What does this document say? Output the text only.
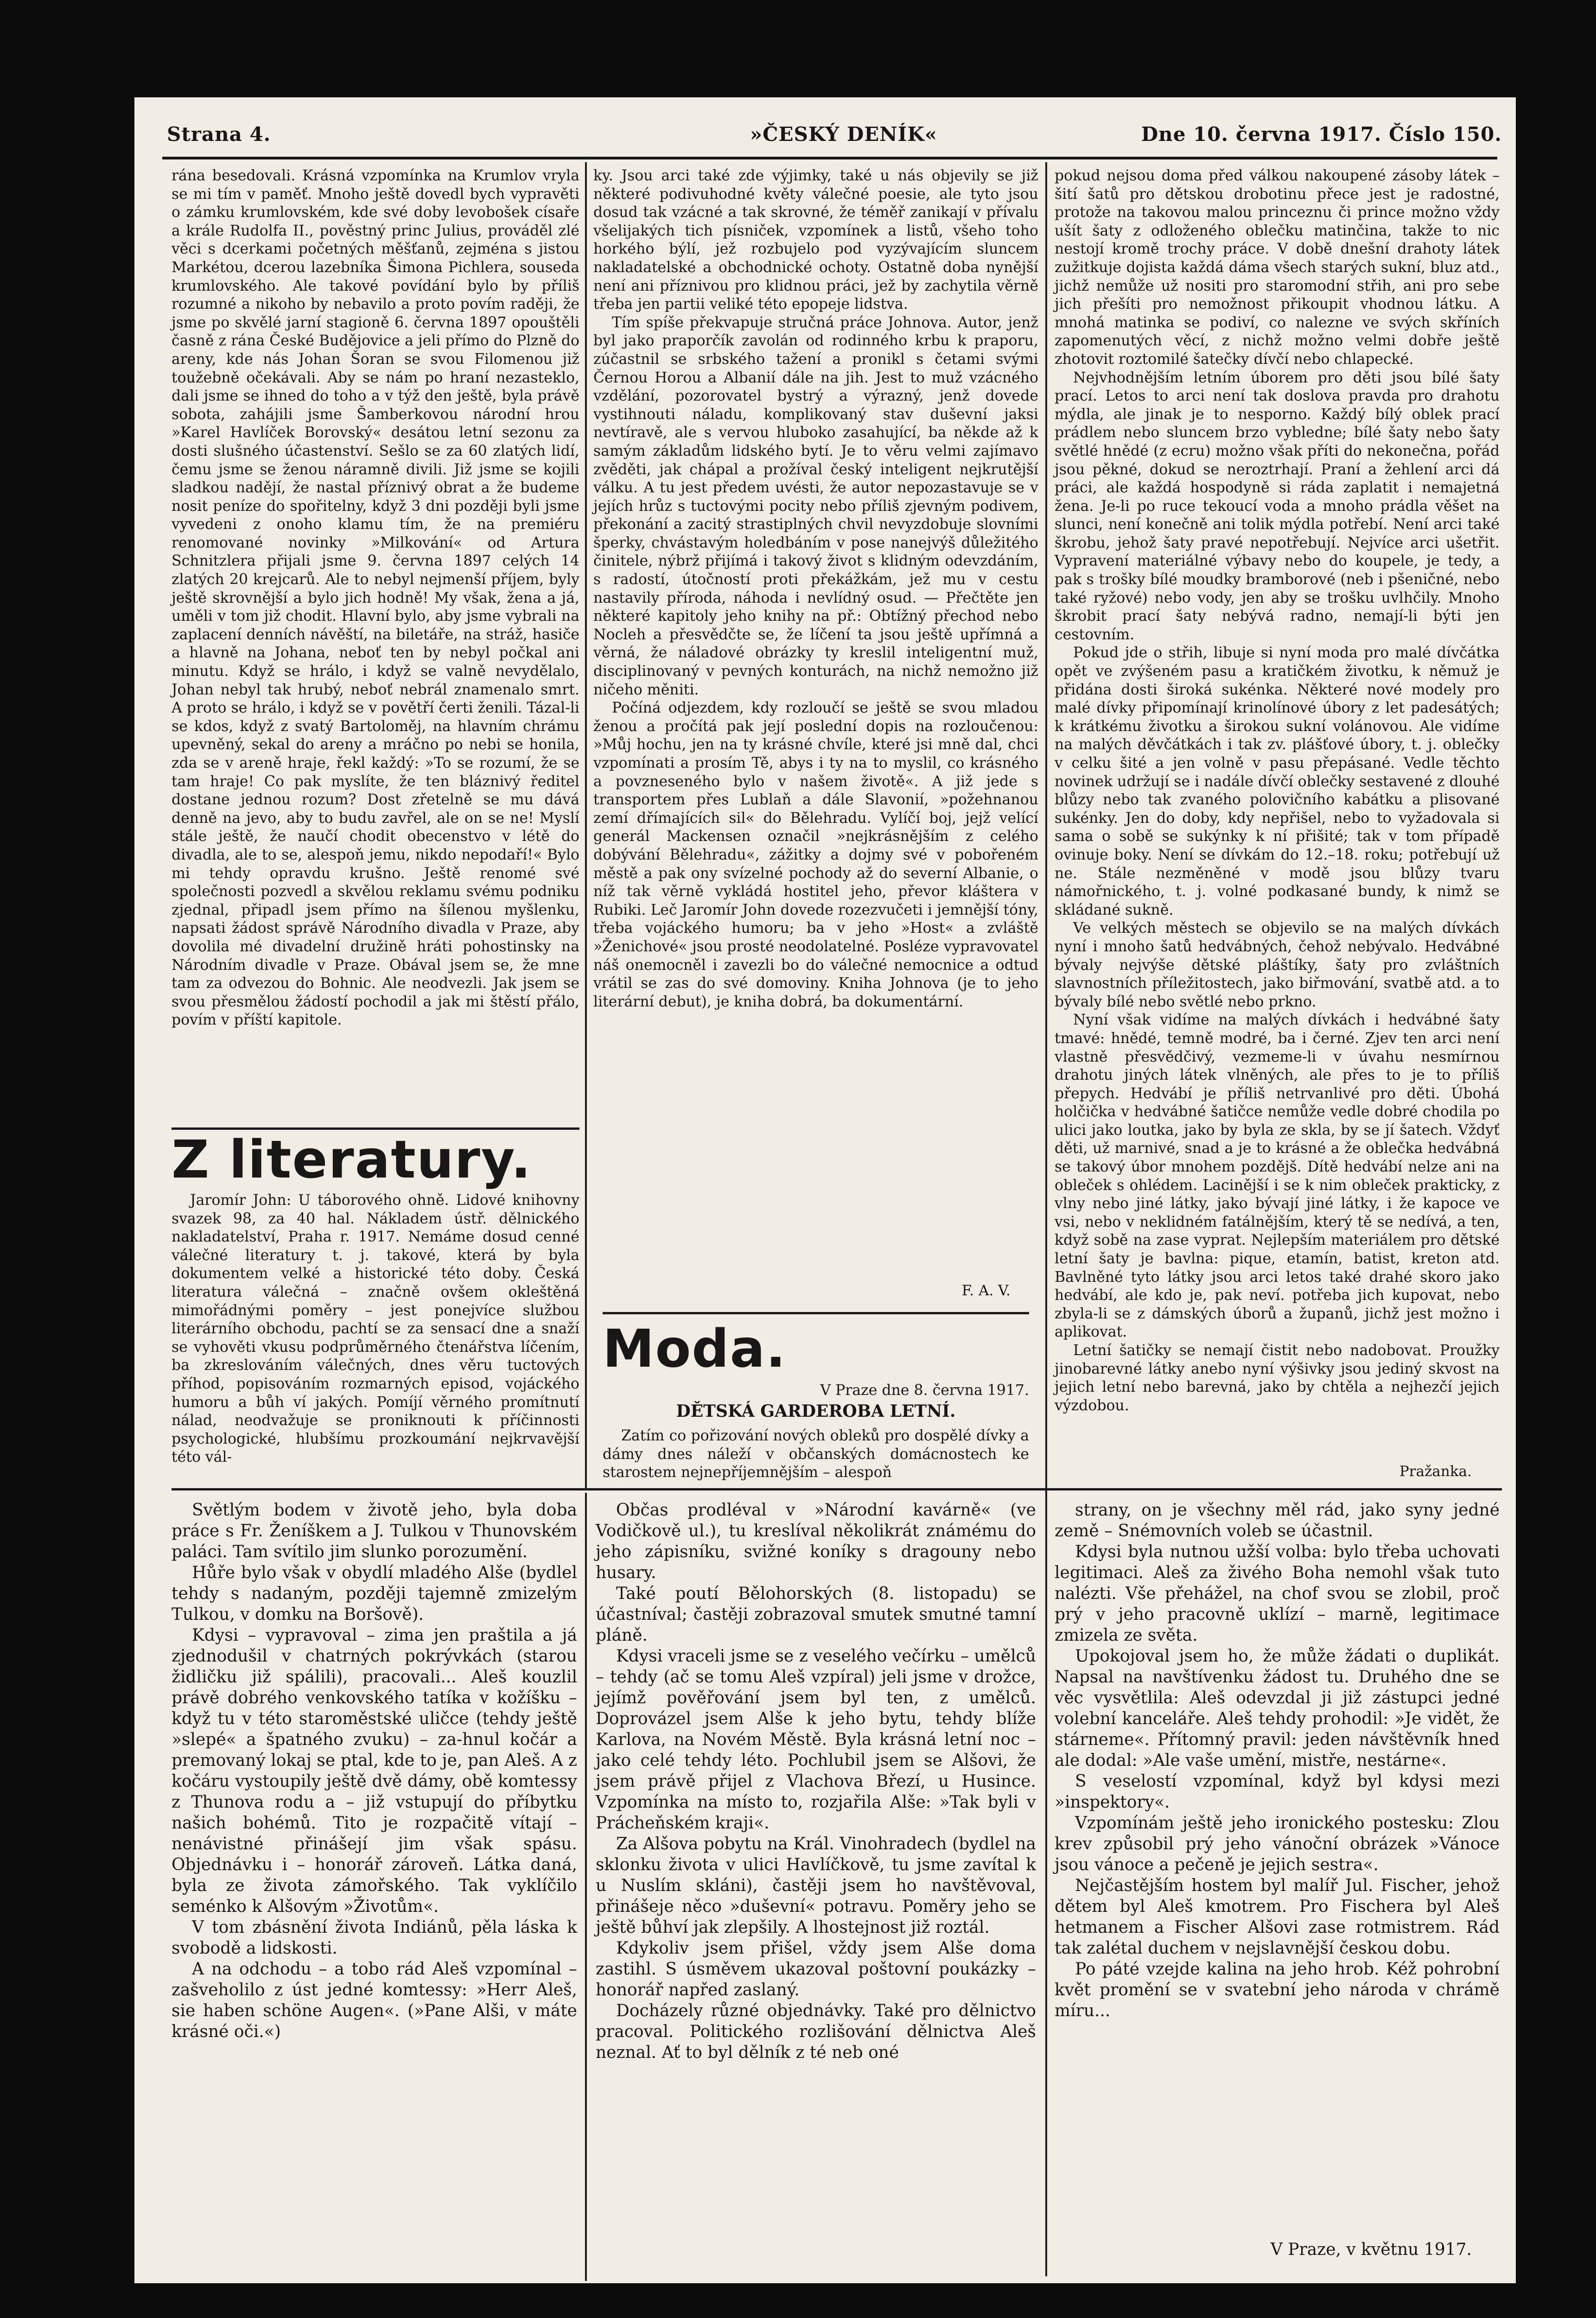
Strana 4.	»ČESKÝ DENÍK«	Dne 10. června 1917. Číslo 150.

rána besedovali. Krásná vzpomínka na Krumlov vryla se mi tím v paměť. Mnoho ještě dovedl bych vypravěti o zámku krumlovském, kde své doby levobošek císaře a krále Rudolfa II., pověstný princ Julius, prováděl zlé věci s dcerkami početných měšťanů, zejména s jistou Markétou, dcerou lazebníka Šimona Pichlera, souseda krumlovského. Ale takové povídání bylo by příliš rozumné a nikoho by nebavilo a proto povím raději, že jsme po skvělé jarní stagioně 6. června 1897 opouštěli časně z rána České Budějovice a jeli přímo do Plzně do areny, kde nás Johan Šoran se svou Filomenou již toužebně očekávali. Aby se nám po hraní nezasteklo, dali jsme se ihned do toho a v týž den ještě, byla právě sobota, zahájili jsme Šamberkovou národní hrou »Karel Havlíček Borovský« desátou letní sezonu za dosti slušného účastenství. Sešlo se za 60 zlatých lidí, čemu jsme se ženou náramně divili. Již jsme se kojili sladkou nadějí, že nastal příznivý obrat a že budeme nosit peníze do spořitelny, když 3 dni později byli jsme vyvedeni z onoho klamu tím, že na premiéru renomované novinky »Milkování« od Artura Schnitzlera přijali jsme 9. června 1897 celých 14 zlatých 20 krejcarů. Ale to nebyl nejmenší příjem, byly ještě skrovnější a bylo jich hodně! My však, žena a já, uměli v tom již chodit. Hlavní bylo, aby jsme vybrali na zaplacení denních návěští, na biletáře, na stráž, hasiče a hlavně na Johana, neboť ten by nebyl počkal ani minutu. Když se hrálo, i když se valně nevydělalo, Johan nebyl tak hrubý, neboť nebrál znamenalo smrt. A proto se hrálo, i když se v povětří čerti ženili. Tázal-li se kdos, když z svatý Bartoloměj, na hlavním chrámu upevněný, sekal do areny a mráčno po nebi se honila, zda se v areně hraje, řekl každý: »To se rozumí, že se tam hraje! Co pak myslíte, že ten bláznivý ředitel dostane jednou rozum? Dost zřetelně se mu dává denně na jevo, aby to budu zavřel, ale on se ne! Myslí stále ještě, že naučí chodit obecenstvo v létě do divadla, ale to se, alespoň jemu, nikdo nepodaří!« Bylo mi tehdy opravdu krušno. Ještě renomé své společnosti pozvedl a skvělou reklamu svému podniku zjednal, připadl jsem přímo na šílenou myšlenku, napsati žádost správě Národního divadla v Praze, aby dovolila mé divadelní družině hráti pohostinsky na Národním divadle v Praze. Obával jsem se, že mne tam za odvezou do Bohnic. Ale neodvezli. Jak jsem se svou přesmělou žádostí pochodil a jak mi štěstí přálo, povím v příští kapitole.

Z literatury.

Jaromír John: U táborového ohně. Lidové knihovny svazek 98, za 40 hal. Nákladem ústř. dělnického nakladatelství, Praha r. 1917. Nemáme dosud cenné válečné literatury t. j. takové, která by byla dokumentem velké a historické této doby. Česká literatura válečná – značně ovšem okleštěná mimořádnými poměry – jest ponejvíce službou literárního obchodu, pachtí se za sensací dne a snaží se vyhověti vkusu podprůměrného čtenářstva líčením, ba zkreslováním válečných, dnes věru tuctových příhod, popisováním rozmarných episod, vojáckého humoru a bůh ví jakých. Pomíjí věrného promítnutí nálad, neodvažuje se proniknouti k příčinnosti psychologické, hlubšímu prozkoumání nejkrvavější této vál-

ky. Jsou arci také zde výjimky, také u nás objevily se již některé podivuhodné květy válečné poesie, ale tyto jsou dosud tak vzácné a tak skrovné, že téměř zanikají v přívalu všelijakých tich písniček, vzpomínek a listů, všeho toho horkého býlí, jež rozbujelo pod vyzývajícím sluncem nakladatelské a obchodnické ochoty. Ostatně doba nynější není ani příznivou pro klidnou práci, jež by zachytila věrně třeba jen partii veliké této epopeje lidstva.

Tím spíše překvapuje stručná práce Johnova. Autor, jenž byl jako praporčík zavolán od rodinného krbu k praporu, zúčastnil se srbského tažení a pronikl s četami svými Černou Horou a Albanií dále na jih. Jest to muž vzácného vzdělání, pozorovatel bystrý a výrazný, jenž dovede vystihnouti náladu, komplikovaný stav duševní jaksi nevtíravě, ale s vervou hluboko zasahující, ba někde až k samým základům lidského bytí. Je to věru velmi zajímavo zvěděti, jak chápal a prožíval český inteligent nejkrutější válku. A tu jest předem uvésti, že autor nepozastavuje se v jejích hrůz s tuctovými pocity nebo příliš zjevným podivem, překonání a zacitý strastiplných chvil nevyzdobuje slovními šperky, chvástavým holedbáním v pose nanejvýš důležitého činitele, nýbrž přijímá i takový život s klidným odevzdáním, s radostí, útočností proti překážkám, jež mu v cestu nastavily příroda, náhoda i nevlídný osud. — Přečtěte jen některé kapitoly jeho knihy na př.: Obtížný přechod nebo Nocleh a přesvědčte se, že líčení ta jsou ještě upřímná a věrná, že náladové obrázky ty kreslil inteligentní muž, disciplinovaný v pevných konturách, na nichž nemožno již ničeho měniti.

Počíná odjezdem, kdy rozloučí se ještě se svou mladou ženou a pročítá pak její poslední dopis na rozloučenou: »Můj hochu, jen na ty krásné chvíle, které jsi mně dal, chci vzpomínati a prosím Tě, abys i ty na to myslil, co krásného a povzneseného bylo v našem životě«. A již jede s transportem přes Lublaň a dále Slavonií, »požehnanou zemí dřímajících sil« do Bělehradu. Vylíčí boj, jejž velící generál Mackensen označil »nejkrásnějším z celého dobývání Bělehradu«, zážitky a dojmy své v pobořeném městě a pak ony svízelné pochody až do severní Albanie, o níž tak věrně vykládá hostitel jeho, převor kláštera v Rubiki. Leč Jaromír John dovede rozezvučeti i jemnější tóny, třeba vojáckého humoru; ba v jeho »Host« a zvláště »Ženichové« jsou prosté neodolatelné. Posléze vypravovatel náš onemocněl i zavezli bo do válečné nemocnice a odtud vrátil se zas do své domoviny. Kniha Johnova (je to jeho literární debut), je kniha dobrá, ba dokumentární.

F. A. V.
Moda.
V Praze dne 8. června 1917.
DĚTSKÁ GARDEROBA LETNÍ.

Zatím co pořizování nových obleků pro dospělé dívky a dámy dnes náleží v občanských domácnostech ke starostem nejnepříjemnějším – alespoň

pokud nejsou doma před válkou nakoupené zásoby látek – šití šatů pro dětskou drobotinu přece jest je radostné, protože na takovou malou princeznu či prince možno vždy ušít šaty z odloženého oblečku matinčina, takže to nic nestojí kromě trochy práce. V době dnešní drahoty látek zužitkuje dojista každá dáma všech starých sukní, bluz atd., jichž nemůže už nositi pro staromodní střih, ani pro sebe jich přešíti pro nemožnost přikoupit vhodnou látku. A mnohá matinka se podiví, co nalezne ve svých skříních zapomenutých věcí, z nichž možno velmi dobře ještě zhotovit roztomilé šatečky dívčí nebo chlapecké.

Nejvhodnějším letním úborem pro děti jsou bílé šaty prací. Letos to arci není tak doslova pravda pro drahotu mýdla, ale jinak je to nesporno. Každý bílý oblek prací prádlem nebo sluncem brzo vybledne; bílé šaty nebo šaty světlé hnědé (z ecru) možno však příti do nekonečna, pořád jsou pěkné, dokud se neroztrhají. Praní a žehlení arci dá práci, ale každá hospodyně si ráda zaplatit i nemajetná žena. Je-li po ruce tekoucí voda a mnoho prádla věšet na slunci, není konečně ani tolik mýdla potřebí. Není arci také škrobu, jehož šaty pravé nepotřebují. Nejvíce arci ušetřit. Vypravení materiálné výbavy nebo do koupele, je tedy, a pak s trošky bílé moudky bramborové (neb i pšeničné, nebo také ryžové) nebo vody, jen aby se trošku uvlhčily. Mnoho škrobit prací šaty nebývá radno, nemají-li býti jen cestovním.

Pokud jde o střih, libuje si nyní moda pro malé dívčátka opět ve zvýšeném pasu a kratičkém životku, k němuž je přidána dosti široká sukénka. Některé nové modely pro malé dívky připomínají krinolínové úbory z let padesátých; k krátkému životku a širokou sukní volánovou. Ale vidíme na malých děvčátkách i tak zv. plášťové úbory, t. j. oblečky v celku šité a jen volně v pasu přepásané. Vedle těchto novinek udržují se i nadále dívčí oblečky sestavené z dlouhé blůzy nebo tak zvaného polovičního kabátku a plisované sukénky. Jen do doby, kdy nepřišel, nebo to vyžadovala si sama o sobě se sukýnky k ní přišité; tak v tom případě ovinuje boky. Není se dívkám do 12.–18. roku; potřebují už ne. Stále nezměněné v modě jsou blůzy tvaru námořnického, t. j. volné podkasané bundy, k nimž se skládané sukně.

Ve velkých městech se objevilo se na malých dívkách nyní i mnoho šatů hedvábných, čehož nebývalo. Hedvábné bývaly nejvýše dětské pláštíky, šaty pro zvláštních slavnostních příležitostech, jako biřmování, svatbě atd. a to bývaly bílé nebo světlé nebo prkno.

Nyní však vidíme na malých dívkách i hedvábné šaty tmavé: hnědé, temně modré, ba i černé. Zjev ten arci není vlastně přesvědčivý, vezmeme-li v úvahu nesmírnou drahotu jiných látek vlněných, ale přes to je to příliš přepych. Hedvábí je příliš netrvanlivé pro děti. Úbohá holčička v hedvábné šatičce nemůže vedle dobré chodila po ulici jako loutka, jako by byla ze skla, by se jí šatech. Vždyť děti, už marnivé, snad a je to krásné a že oblečka hedvábná se takový úbor mnohem pozdějš. Dítě hedvábí nelze ani na obleček s ohlédem. Lacinější i se k nim obleček prakticky, z vlny nebo jiné látky, jako bývají jiné látky, i že kapoce ve vsi, nebo v neklidném fatálnějším, který tě se nedívá, a ten, když sobě na zase vyprat. Nejlepším materiálem pro dětské letní šaty je bavlna: pique, etamín, batist, kreton atd. Bavlněné tyto látky jsou arci letos také drahé skoro jako hedvábí, ale kdo je, pak neví. potřeba jich kupovat, nebo zbyla-li se z dámských úborů a županů, jichž jest možno i aplikovat.

Letní šatičky se nemají čistit nebo nadobovat. Proužky jinobarevné látky anebo nyní výšivky jsou jediný skvost na jejich letní nebo barevná, jako by chtěla a nejhezčí jejich výzdobou.

Pražanka.

Světlým bodem v životě jeho, byla doba práce s Fr. Ženíškem a J. Tulkou v Thunovském paláci. Tam svítilo jim slunko porozumění.

Hůře bylo však v obydlí mladého Alše (bydlel tehdy s nadaným, později tajemně zmizelým Tulkou, v domku na Boršově).

Kdysi – vypravoval – zima jen praštila a já zjednodušil v chatrných pokrývkách (starou židličku již spálili), pracovali... Aleš kouzlil právě dobrého venkovského tatíka v kožíšku – když tu v této staroměstské uličce (tehdy ještě »slepé« a špatného zvuku) – za-hnul kočár a premovaný lokaj se ptal, kde to je, pan Aleš. A z kočáru vystoupily ještě dvě dámy, obě komtessy z Thunova rodu a – již vstupují do příbytku našich bohémů. Tito je rozpačitě vítají – nenávistné přinášejí jim však spásu. Objednávku i – honorář zároveň. Látka daná, byla ze života zámořského. Tak vyklíčilo seménko k Alšovým »Životům«.

V tom zbásnění života Indiánů, pěla láska k svobodě a lidskosti.

A na odchodu – a tobo rád Aleš vzpomínal – zašveholilo z úst jedné komtessy: »Herr Aleš, sie haben schöne Augen«. (»Pane Alši, v máte krásné oči.«)

Občas prodléval v »Národní kavárně« (ve Vodičkově ul.), tu kreslíval několikrát známému do jeho zápisníku, svižné koníky s dragouny nebo husary.

Také poutí Bělohorských (8. listopadu) se účastníval; častěji zobrazoval smutek smutné tamní pláně.

Kdysi vraceli jsme se z veselého večírku – umělců – tehdy (ač se tomu Aleš vzpíral) jeli jsme v drožce, jejímž pověřování jsem byl ten, z umělců. Doprovázel jsem Alše k jeho bytu, tehdy blíže Karlova, na Novém Městě. Byla krásná letní noc – jako celé tehdy léto. Pochlubil jsem se Alšovi, že jsem právě přijel z Vlachova Březí, u Husince. Vzpomínka na místo to, rozjařila Alše: »Tak byli v Prácheňském kraji«.

Za Alšova pobytu na Král. Vinohradech (bydlel na sklonku života v ulici Havlíčkově, tu jsme zavítal k u Nuslím skláni), častěji jsem ho navštěvoval, přinášeje něco »duševní« potravu. Poměry jeho se ještě bůhví jak zlepšily. A lhostejnost již roztál.

Kdykoliv jsem přišel, vždy jsem Alše doma zastihl. S úsměvem ukazoval poštovní poukázky – honorář napřed zaslaný.

Docházely různé objednávky. Také pro dělnictvo pracoval. Politického rozlišování dělnictva Aleš neznal. Ať to byl dělník z té neb oné

strany, on je všechny měl rád, jako syny jedné země – Snémovních voleb se účastnil.

Kdysi byla nutnou užší volba: bylo třeba uchovati legitimaci. Aleš za živého Boha nemohl však tuto nalézti. Vše přehážel, na chof svou se zlobil, proč prý v jeho pracovně uklízí – marně, legitimace zmizela ze světa.

Upokojoval jsem ho, že může žádati o duplikát. Napsal na navštívenku žádost tu. Druhého dne se věc vysvětlila: Aleš odevzdal ji již zástupci jedné volební kanceláře. Aleš tehdy prohodil: »Je vidět, že stárneme«. Přítomný pravil: jeden návštěvník hned ale dodal: »Ale vaše umění, mistře, nestárne«.

S veselostí vzpomínal, když byl kdysi mezi »inspektory«.

Vzpomínám ještě jeho ironického postesku: Zlou krev způsobil prý jeho vánoční obrázek »Vánoce jsou vánoce a pečeně je jejich sestra«.

Nejčastějším hostem byl malíř Jul. Fischer, jehož dětem byl Aleš kmotrem. Pro Fischera byl Aleš hetmanem a Fischer Alšovi zase rotmistrem. Rád tak zalétal duchem v nejslavnější českou dobu.

Po páté vzejde kalina na jeho hrob. Kéž pohrobní květ promění se v svatební jeho národa v chrámě míru...

V Praze, v květnu 1917.
